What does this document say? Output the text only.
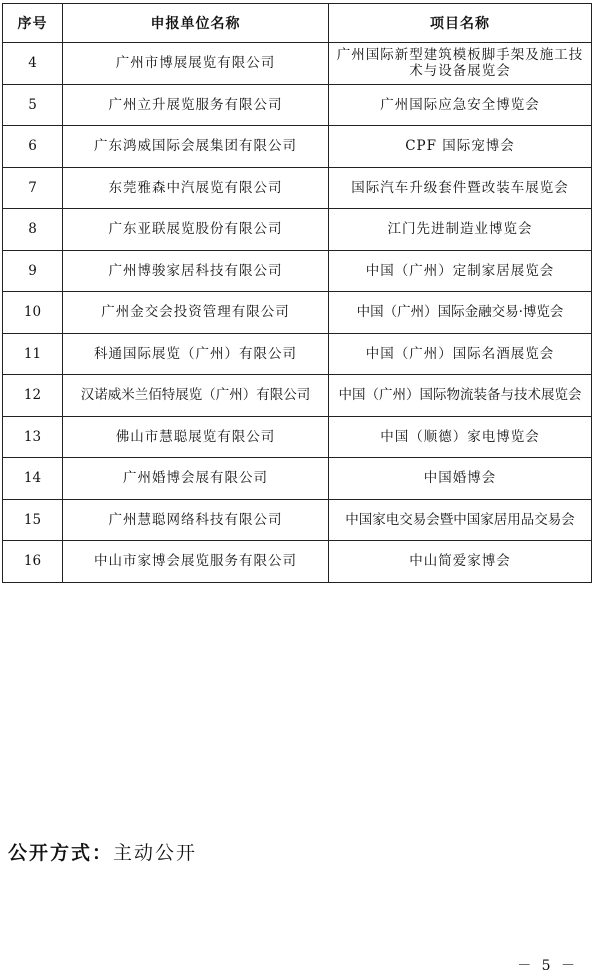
序号	申报单位名称	项目名称
4	广州市博展展览有限公司	广州国际新型建筑模板脚手架及施工技术与设备展览会
5	广州立升展览服务有限公司	广州国际应急安全博览会
6	广东鸿威国际会展集团有限公司	CPF 国际宠博会
7	东莞雅森中汽展览有限公司	国际汽车升级套件暨改装车展览会
8	广东亚联展览股份有限公司	江门先进制造业博览会
9	广州博骏家居科技有限公司	中国（广州）定制家居展览会
10	广州金交会投资管理有限公司	中国（广州）国际金融交易·博览会
11	科通国际展览（广州）有限公司	中国（广州）国际名酒展览会
12	汉诺威米兰佰特展览（广州）有限公司	中国（广州）国际物流装备与技术展览会
13	佛山市慧聪展览有限公司	中国（顺德）家电博览会
14	广州婚博会展有限公司	中国婚博会
15	广州慧聪网络科技有限公司	中国家电交易会暨中国家居用品交易会
16	中山市家博会展览服务有限公司	中山简爱家博会
公开方式：主动公开
－ 5 －
